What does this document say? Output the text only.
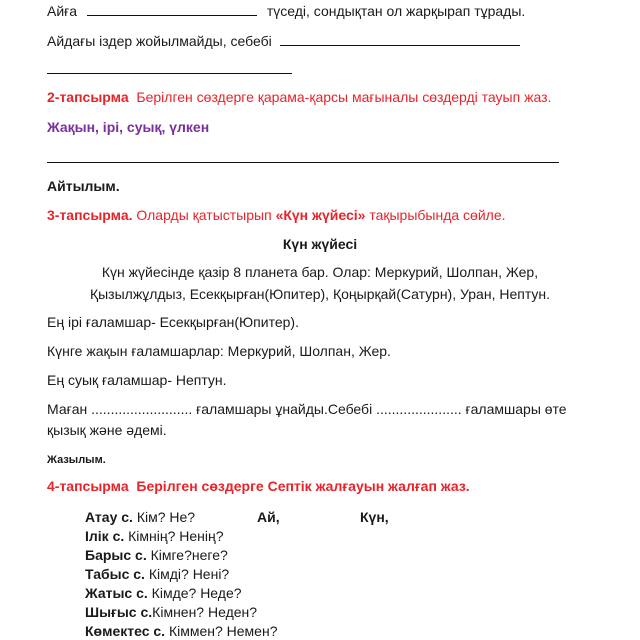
Айға	түседі, сондықтан ол жарқырап тұрады.
Айдағы іздер жойылмайды, себебі
2-тапсырма Берілген сөздерге қарама-қарсы мағыналы сөздерді тауып жаз.
Жақын, ірі, суық, үлкен
Айтылым.
3-тапсырма. Оларды қатыстырып «Күн жүйесі» тақырыбында сөйле.
Күн жүйесі
Күн жүйесінде қазір 8 планета бар. Олар: Меркурий, Шолпан, Жер,
Қызылжұлдыз, Есекқырған(Юпитер), Қоңырқай(Сатурн), Уран, Нептун.
Ең ірі ғаламшар- Есекқырған(Юпитер).
Күнге жақын ғаламшарлар: Меркурий, Шолпан, Жер.
Ең суық ғаламшар- Нептун.
Маған .......................... ғаламшары ұнайды.Себебі ...................... ғаламшары өте
қызық және әдемі.
Жазылым.
4-тапсырма Берілген сөздерге Септік жалғауын жалғап жаз.
Ай,	Күн,
Атау с. Кім? Не?
Ілік с. Кімнің? Ненің?
Барыс с. Кімге?неге?
Табыс с. Кімді? Нені?
Жатыс с. Кімде? Неде?
Шығыс с.Кімнен? Неден?
Көмектес с. Кіммен? Немен?
